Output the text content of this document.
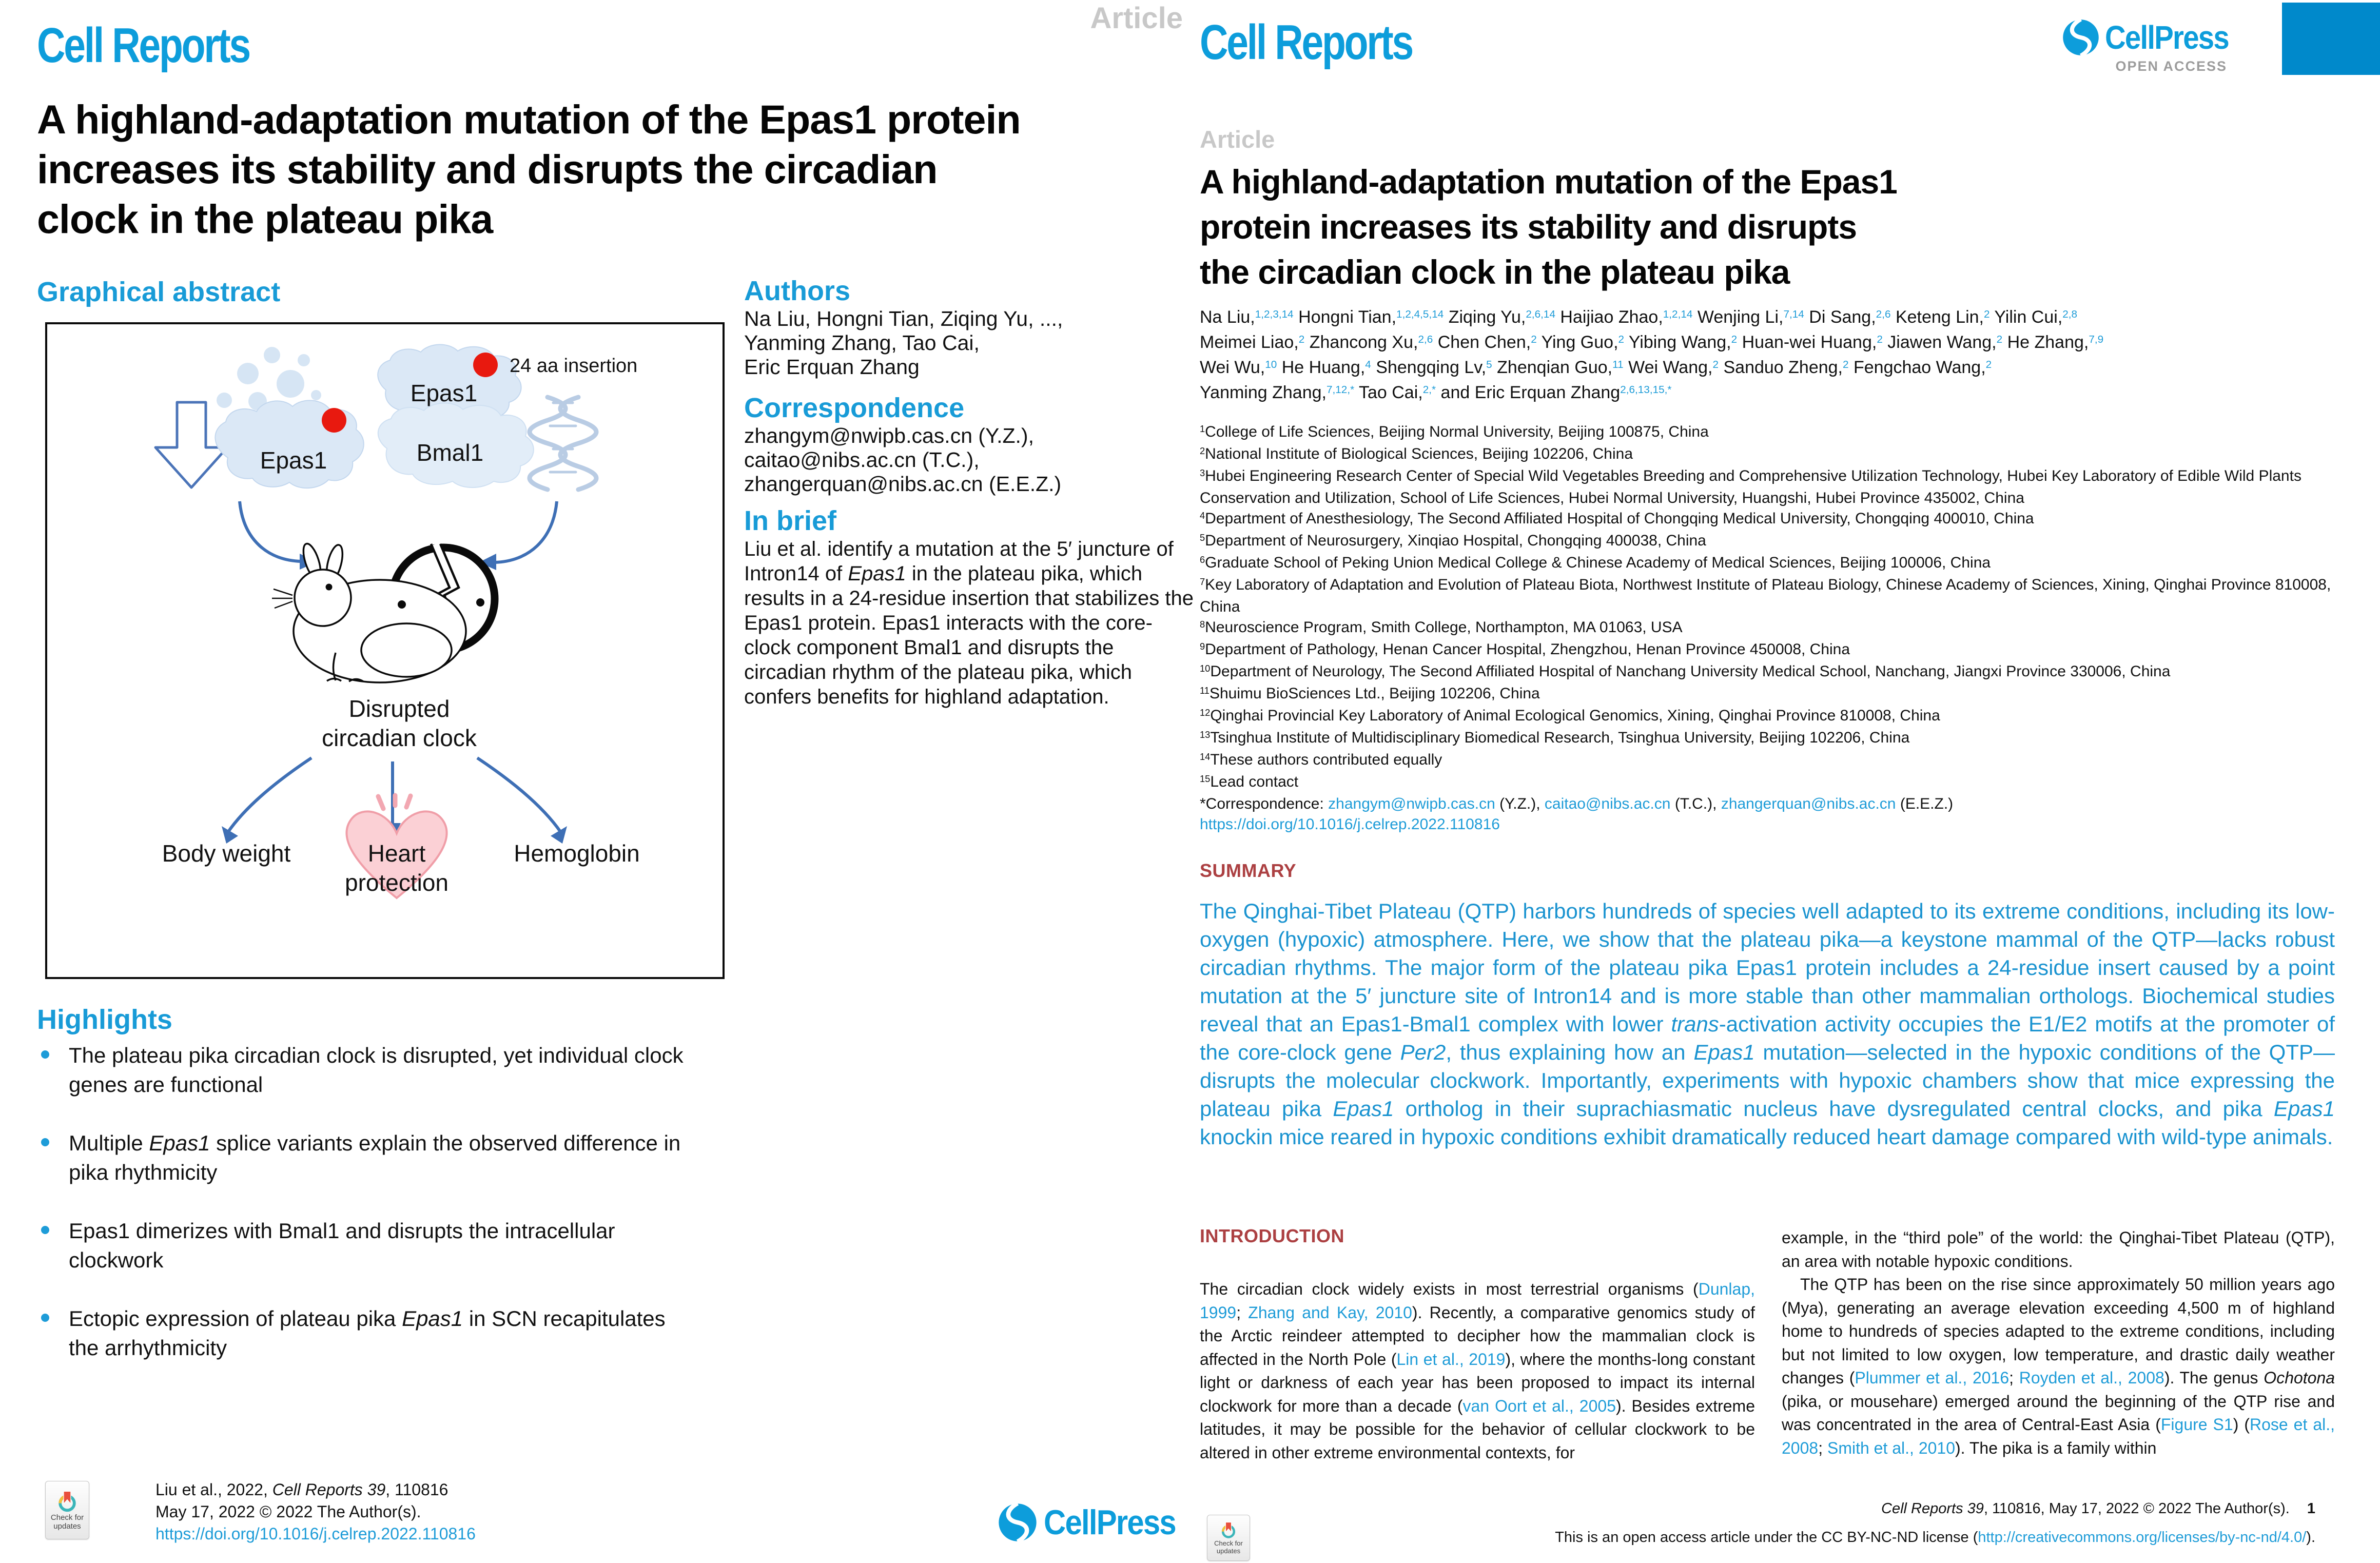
Cell Reports	Article
A highland-adaptation mutation of the Epas1 protein
increases its stability and disrupts the circadian
clock in the plateau pika
Graphical abstract
Epas1
Epas1
Bmal1
24 aa insertion
Disrupted
circadian clock
Body weight	Heart
protection
Hemoglobin
Authors
Na Liu, Hongni Tian, Ziqing Yu, ...,
Yanming Zhang, Tao Cai,
Eric Erquan Zhang
Correspondence
zhangym@nwipb.cas.cn (Y.Z.),
caitao@nibs.ac.cn (T.C.),
zhangerquan@nibs.ac.cn (E.E.Z.)
In brief
Liu et al. identify a mutation at the 5′ juncture of Intron14 of Epas1 in the plateau pika, which results in a 24-residue insertion that stabilizes the Epas1 protein. Epas1 interacts with the core-clock component Bmal1 and disrupts the circadian rhythm of the plateau pika, which confers benefits for highland adaptation.
Highlights
The plateau pika circadian clock is disrupted, yet individual clock genes are functional
Multiple Epas1 splice variants explain the observed difference in pika rhythmicity
Epas1 dimerizes with Bmal1 and disrupts the intracellular clockwork
Ectopic expression of plateau pika Epas1 in SCN recapitulates the arrhythmicity
Check for
updates
Liu et al., 2022, Cell Reports 39, 110816
May 17, 2022 © 2022 The Author(s).
https://doi.org/10.1016/j.celrep.2022.110816
Cell Reports	CellPress
OPEN ACCESS
Article
A highland-adaptation mutation of the Epas1
protein increases its stability and disrupts
the circadian clock in the plateau pika
Na Liu,$^{1,2,3,14}$ Hongni Tian,$^{1,2,4,5,14}$ Ziqing Yu,$^{2,6,14}$ Haijiao Zhao,$^{1,2,14}$ Wenjing Li,$^{7,14}$ Di Sang,$^{2,6}$ Keteng Lin,$^2$ Yilin Cui,$^{2,8}$
Meimei Liao,$^2$ Zhancong Xu,$^{2,6}$ Chen Chen,$^2$ Ying Guo,$^2$ Yibing Wang,$^2$ Huan-wei Huang,$^2$ Jiawen Wang,$^2$ He Zhang,$^{7,9}$
Wei Wu,$^{10}$ He Huang,$^4$ Shengqing Lv,$^5$ Zhenqian Guo,$^{11}$ Wei Wang,$^2$ Sanduo Zheng,$^2$ Fengchao Wang,$^2$
Yanming Zhang,$^{7,12,*}$ Tao Cai,$^{2,*}$ and Eric Erquan Zhang$^{2,6,13,15,*}$
$^1$College of Life Sciences, Beijing Normal University, Beijing 100875, China
$^2$National Institute of Biological Sciences, Beijing 102206, China
$^3$Hubei Engineering Research Center of Special Wild Vegetables Breeding and Comprehensive Utilization Technology, Hubei Key Laboratory of Edible Wild Plants Conservation and Utilization, School of Life Sciences, Hubei Normal University, Huangshi, Hubei Province 435002, China
$^4$Department of Anesthesiology, The Second Affiliated Hospital of Chongqing Medical University, Chongqing 400010, China
$^5$Department of Neurosurgery, Xinqiao Hospital, Chongqing 400038, China
$^6$Graduate School of Peking Union Medical College & Chinese Academy of Medical Sciences, Beijing 100006, China
$^7$Key Laboratory of Adaptation and Evolution of Plateau Biota, Northwest Institute of Plateau Biology, Chinese Academy of Sciences, Xining, Qinghai Province 810008, China
$^8$Neuroscience Program, Smith College, Northampton, MA 01063, USA
$^9$Department of Pathology, Henan Cancer Hospital, Zhengzhou, Henan Province 450008, China
$^{10}$Department of Neurology, The Second Affiliated Hospital of Nanchang University Medical School, Nanchang, Jiangxi Province 330006, China
$^{11}$Shuimu BioSciences Ltd., Beijing 102206, China
$^{12}$Qinghai Provincial Key Laboratory of Animal Ecological Genomics, Xining, Qinghai Province 810008, China
$^{13}$Tsinghua Institute of Multidisciplinary Biomedical Research, Tsinghua University, Beijing 102206, China
$^{14}$These authors contributed equally
$^{15}$Lead contact
*Correspondence: zhangym@nwipb.cas.cn (Y.Z.), caitao@nibs.ac.cn (T.C.), zhangerquan@nibs.ac.cn (E.E.Z.)
https://doi.org/10.1016/j.celrep.2022.110816
SUMMARY
The Qinghai-Tibet Plateau (QTP) harbors hundreds of species well adapted to its extreme conditions, including its low-oxygen (hypoxic) atmosphere. Here, we show that the plateau pika—a keystone mammal of the QTP—lacks robust circadian rhythms. The major form of the plateau pika Epas1 protein includes a 24-residue insert caused by a point mutation at the 5′ juncture site of Intron14 and is more stable than other mammalian orthologs. Biochemical studies reveal that an Epas1-Bmal1 complex with lower trans-activation activity occupies the E1/E2 motifs at the promoter of the core-clock gene Per2, thus explaining how an Epas1 mutation—selected in the hypoxic conditions of the QTP—disrupts the molecular clockwork. Importantly, experiments with hypoxic chambers show that mice expressing the plateau pika Epas1 ortholog in their suprachiasmatic nucleus have dysregulated central clocks, and pika Epas1 knockin mice reared in hypoxic conditions exhibit dramatically reduced heart damage compared with wild-type animals.
INTRODUCTION
The circadian clock widely exists in most terrestrial organisms (Dunlap, 1999; Zhang and Kay, 2010). Recently, a comparative genomics study of the Arctic reindeer attempted to decipher how the mammalian clock is affected in the North Pole (Lin et al., 2019), where the months-long constant light or darkness of each year has been proposed to impact its internal clockwork for more than a decade (van Oort et al., 2005). Besides extreme latitudes, it may be possible for the behavior of cellular clockwork to be altered in other extreme environmental contexts, for
example, in the “third pole” of the world: the Qinghai-Tibet Plateau (QTP), an area with notable hypoxic conditions.
The QTP has been on the rise since approximately 50 million years ago (Mya), generating an average elevation exceeding 4,500 m of highland home to hundreds of species adapted to the extreme conditions, including but not limited to low oxygen, low temperature, and drastic daily weather changes (Plummer et al., 2016; Royden et al., 2008). The genus Ochotona (pika, or mousehare) emerged around the beginning of the QTP rise and was concentrated in the area of Central-East Asia (Figure S1) (Rose et al., 2008; Smith et al., 2010). The pika is a family within
CellPress
Check for
updates
Cell Reports 39, 110816, May 17, 2022 © 2022 The Author(s). 1
This is an open access article under the CC BY-NC-ND license (http://creativecommons.org/licenses/by-nc-nd/4.0/).
